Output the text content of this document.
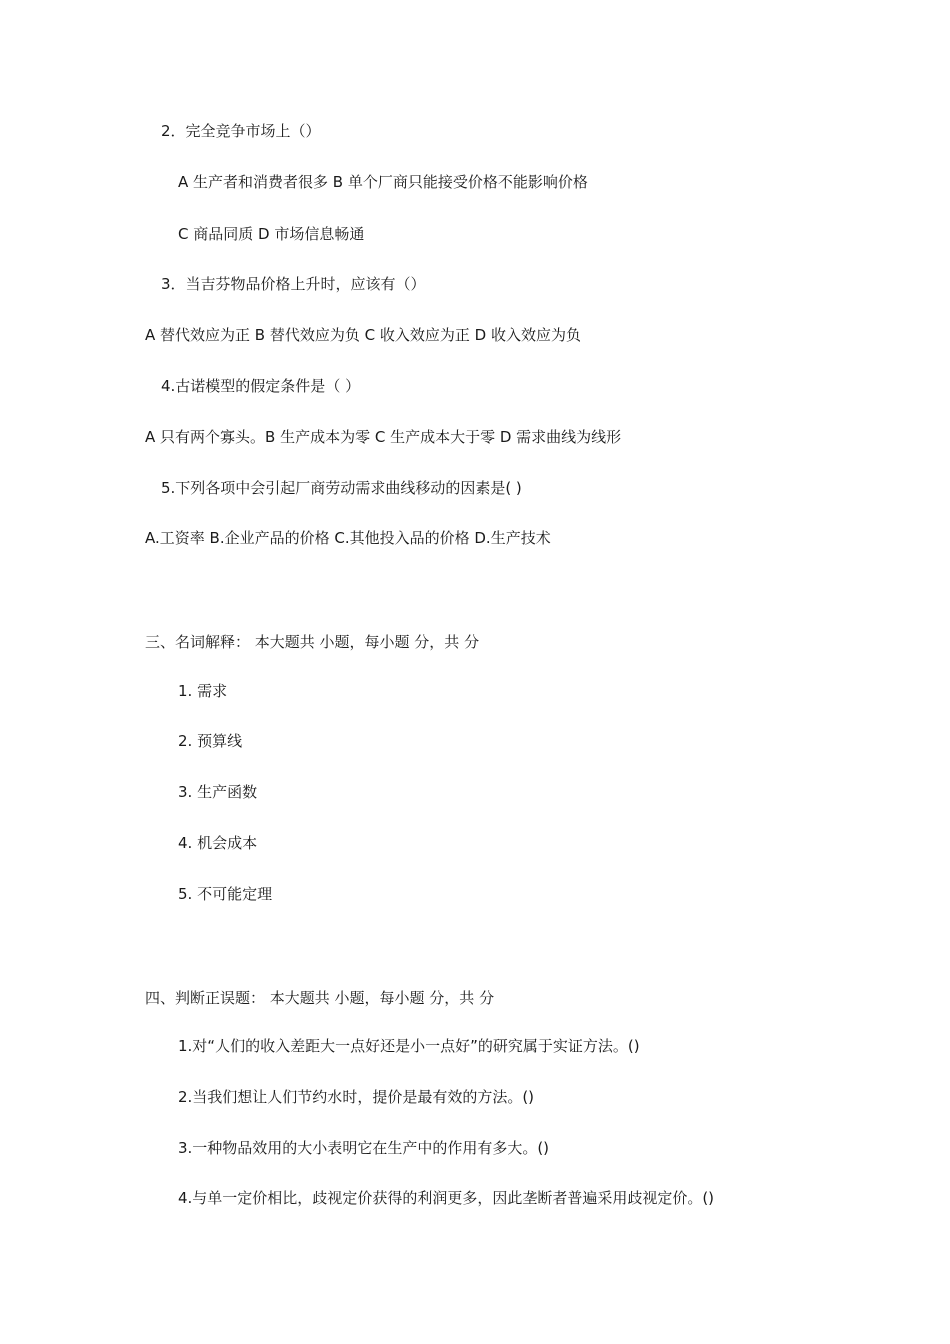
2．完全竞争市场上（）
A 生产者和消费者很多 B 单个厂商只能接受价格不能影响价格
C 商品同质 D 市场信息畅通
3．当吉芬物品价格上升时，应该有（）
A 替代效应为正 B 替代效应为负 C 收入效应为正 D 收入效应为负
4.古诺模型的假定条件是（ ）
A 只有两个寡头。B 生产成本为零 C 生产成本大于零 D 需求曲线为线形
5.下列各项中会引起厂商劳动需求曲线移动的因素是( )
A.工资率 B.企业产品的价格 C.其他投入品的价格 D.生产技术
三、名词解释： 本大题共 小题，每小题 分，共 分
1. 需求
2. 预算线
3. 生产函数
4. 机会成本
5. 不可能定理
四、判断正误题： 本大题共 小题，每小题 分，共 分
1.对“人们的收入差距大一点好还是小一点好”的研究属于实证方法。()
2.当我们想让人们节约水时，提价是最有效的方法。()
3.一种物品效用的大小表明它在生产中的作用有多大。()
4.与单一定价相比，歧视定价获得的利润更多，因此垄断者普遍采用歧视定价。()
